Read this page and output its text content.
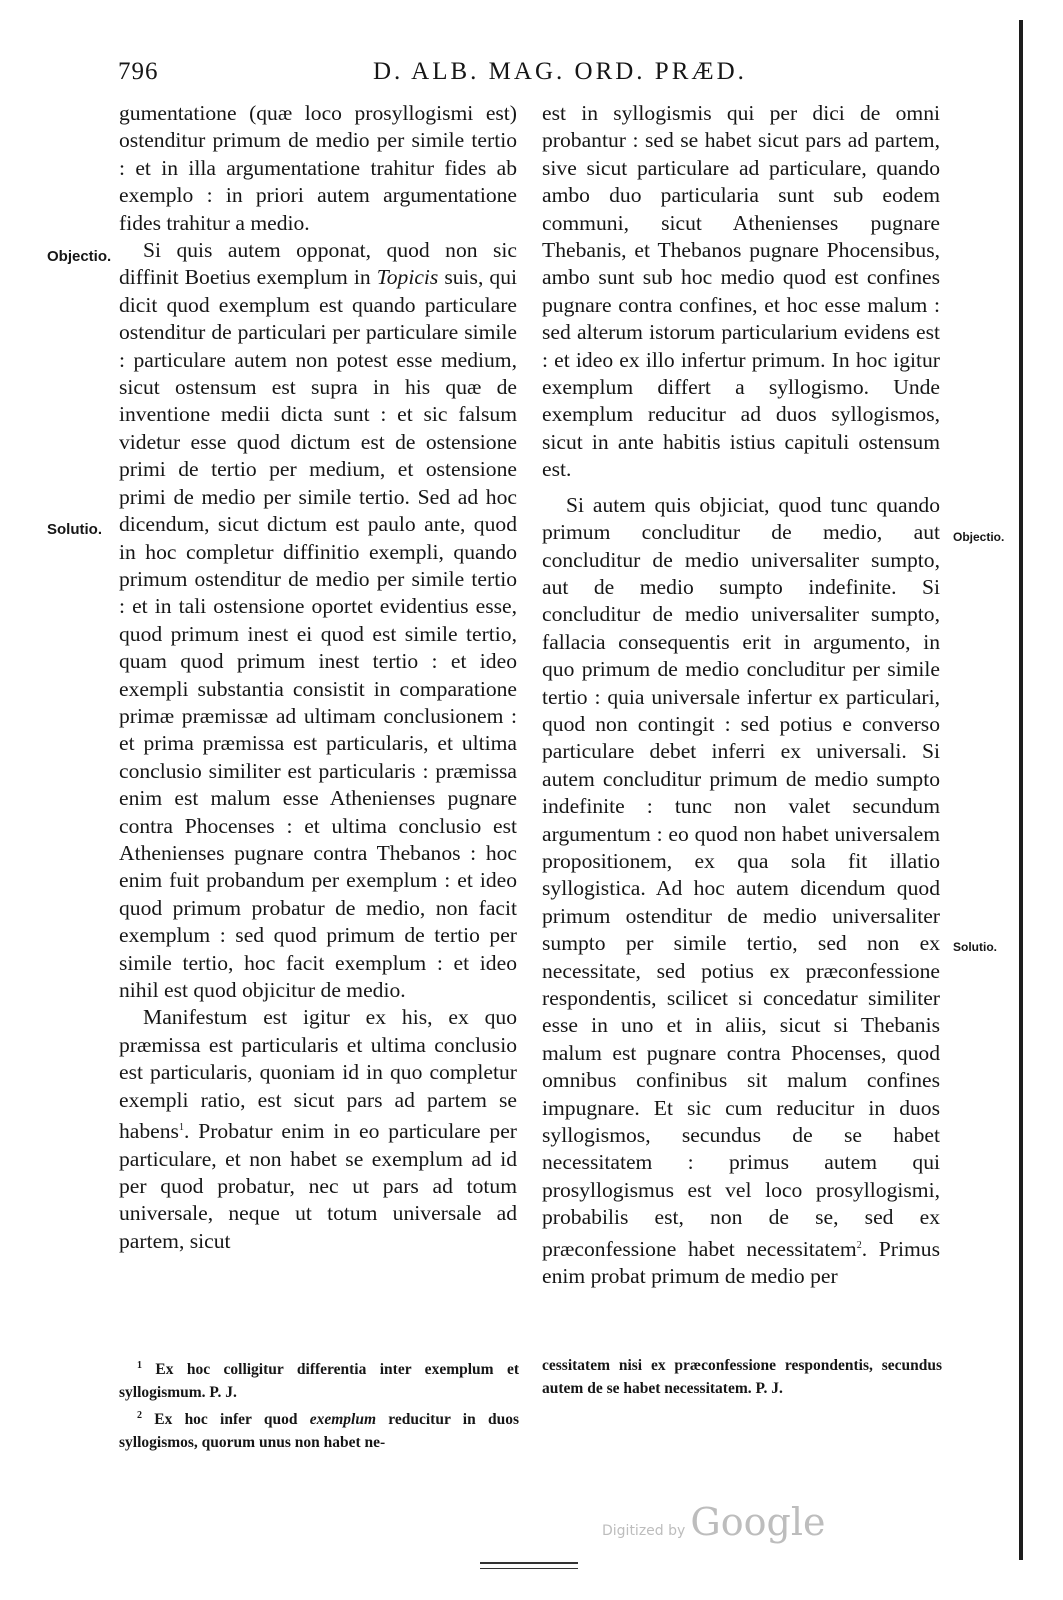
796	D. ALB. MAG. ORD. PRÆD.
Objectio.
Solutio.	Objectio.
Solutio.

gumentatione (quæ loco prosyllogismi est) ostenditur primum de medio per simile tertio : et in illa argumentatione trahitur fides ab exemplo : in priori autem argumentatione fides trahitur a medio.

Si quis autem opponat, quod non sic diffinit Boetius exemplum in Topicis suis, qui dicit quod exemplum est quando particulare ostenditur de particulari per particulare simile : particulare autem non potest esse medium, sicut ostensum est supra in his quæ de inventione medii dicta sunt : et sic falsum videtur esse quod dictum est de ostensione primi de tertio per medium, et ostensione primi de medio per simile tertio. Sed ad hoc dicendum, sicut dictum est paulo ante, quod in hoc completur diffinitio exempli, quando primum ostenditur de medio per simile tertio : et in tali ostensione oportet evidentius esse, quod primum inest ei quod est simile tertio, quam quod primum inest tertio : et ideo exempli substantia consistit in comparatione primæ præmissæ ad ultimam conclusionem : et prima præmissa est particularis, et ultima conclusio similiter est particularis : præmissa enim est malum esse Athenienses pugnare contra Phocenses : et ultima conclusio est Athenienses pugnare contra Thebanos : hoc enim fuit probandum per exemplum : et ideo quod primum probatur de medio, non facit exemplum : sed quod primum de tertio per simile tertio, hoc facit exemplum : et ideo nihil est quod objicitur de medio.

Manifestum est igitur ex his, ex quo præmissa est particularis et ultima conclusio est particularis, quoniam id in quo completur exempli ratio, est sicut pars ad partem se habens$^1$. Probatur enim in eo particulare per particulare, et non habet se exemplum ad id per quod probatur, nec ut pars ad totum universale, neque ut totum universale ad partem, sicut

est in syllogismis qui per dici de omni probantur : sed se habet sicut pars ad partem, sive sicut particulare ad particulare, quando ambo duo particularia sunt sub eodem communi, sicut Athenienses pugnare Thebanis, et Thebanos pugnare Phocensibus, ambo sunt sub hoc medio quod est confines pugnare contra confines, et hoc esse malum : sed alterum istorum particularium evidens est : et ideo ex illo infertur primum. In hoc igitur exemplum differt a syllogismo. Unde exemplum reducitur ad duos syllogismos, sicut in ante habitis istius capituli ostensum est.

Si autem quis objiciat, quod tunc quando primum concluditur de medio, aut concluditur de medio universaliter sumpto, aut de medio sumpto indefinite. Si concluditur de medio universaliter sumpto, fallacia consequentis erit in argumento, in quo primum de medio concluditur per simile tertio : quia universale infertur ex particulari, quod non contingit : sed potius e converso particulare debet inferri ex universali. Si autem concluditur primum de medio sumpto indefinite : tunc non valet secundum argumentum : eo quod non habet universalem propositionem, ex qua sola fit illatio syllogistica. Ad hoc autem dicendum quod primum ostenditur de medio universaliter sumpto per simile tertio, sed non ex necessitate, sed potius ex præconfessione respondentis, scilicet si concedatur similiter esse in uno et in aliis, sicut si Thebanis malum est pugnare contra Phocenses, quod omnibus confinibus sit malum confines impugnare. Et sic cum reducitur in duos syllogismos, secundus de se habet necessitatem : primus autem qui prosyllogismus est vel loco prosyllogismi, probabilis est, non de se, sed ex præconfessione habet necessitatem$^2$. Primus enim probat primum de medio per

$^1$ Ex hoc colligitur differentia inter exemplum et syllogismum. P. J.

$^2$ Ex hoc infer quod exemplum reducitur in duos syllogismos, quorum unus non habet ne-

cessitatem nisi ex præconfessione respondentis, secundus autem de se habet necessitatem. P. J.

Digitized by Google
